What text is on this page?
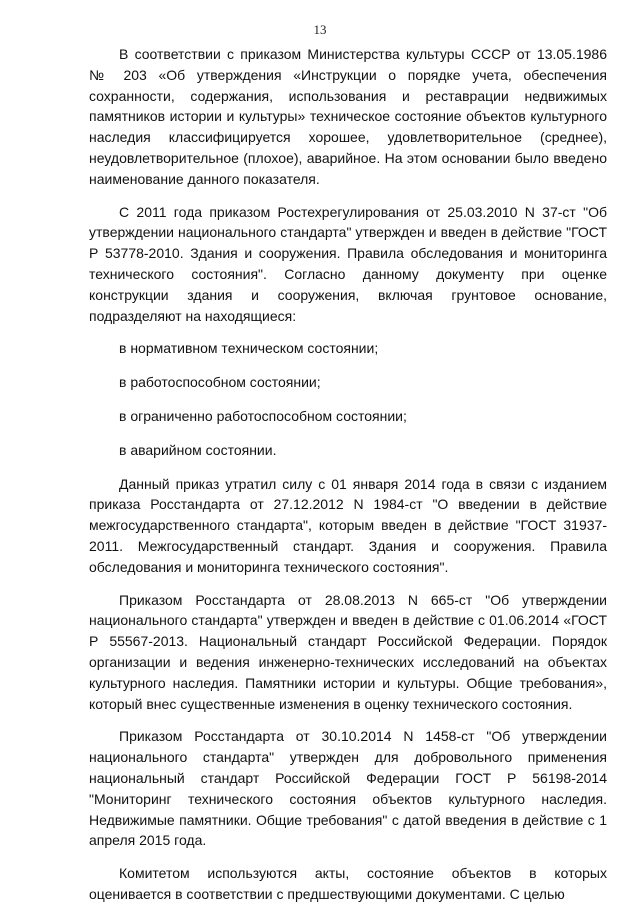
13

В соответствии с приказом Министерства культуры СССР от 13.05.1986 № 203 «Об утверждения «Инструкции о порядке учета, обеспечения сохранности, содержания, использования и реставрации недвижимых памятников истории и культуры» техническое состояние объектов культурного наследия классифицируется хорошее, удовлетворительное (среднее), неудовлетворительное (плохое), аварийное. На этом основании было введено наименование данного показателя.

С 2011 года приказом Ростехрегулирования от 25.03.2010 N 37-ст "Об утверждении национального стандарта" утвержден и введен в действие "ГОСТ Р 53778-2010. Здания и сооружения. Правила обследования и мониторинга технического состояния". Согласно данному документу при оценке конструкции здания и сооружения, включая грунтовое основание, подразделяют на находящиеся:

в нормативном техническом состоянии;

в работоспособном состоянии;

в ограниченно работоспособном состоянии;

в аварийном состоянии.

Данный приказ утратил силу с 01 января 2014 года в связи с изданием приказа Росстандарта от 27.12.2012 N 1984-ст "О введении в действие межгосударственного стандарта", которым введен в действие "ГОСТ 31937-2011. Межгосударственный стандарт. Здания и сооружения. Правила обследования и мониторинга технического состояния".

Приказом Росстандарта от 28.08.2013 N 665-ст "Об утверждении национального стандарта" утвержден и введен в действие с 01.06.2014 «ГОСТ Р 55567-2013. Национальный стандарт Российской Федерации. Порядок организации и ведения инженерно-технических исследований на объектах культурного наследия. Памятники истории и культуры. Общие требования», который внес существенные изменения в оценку технического состояния.

Приказом Росстандарта от 30.10.2014 N 1458-ст "Об утверждении национального стандарта" утвержден для добровольного применения национальный стандарт Российской Федерации ГОСТ Р 56198-2014 "Мониторинг технического состояния объектов культурного наследия. Недвижимые памятники. Общие требования" с датой введения в действие с 1 апреля 2015 года.

Комитетом используются акты, состояние объектов в которых оценивается в соответствии с предшествующими документами. С целью
